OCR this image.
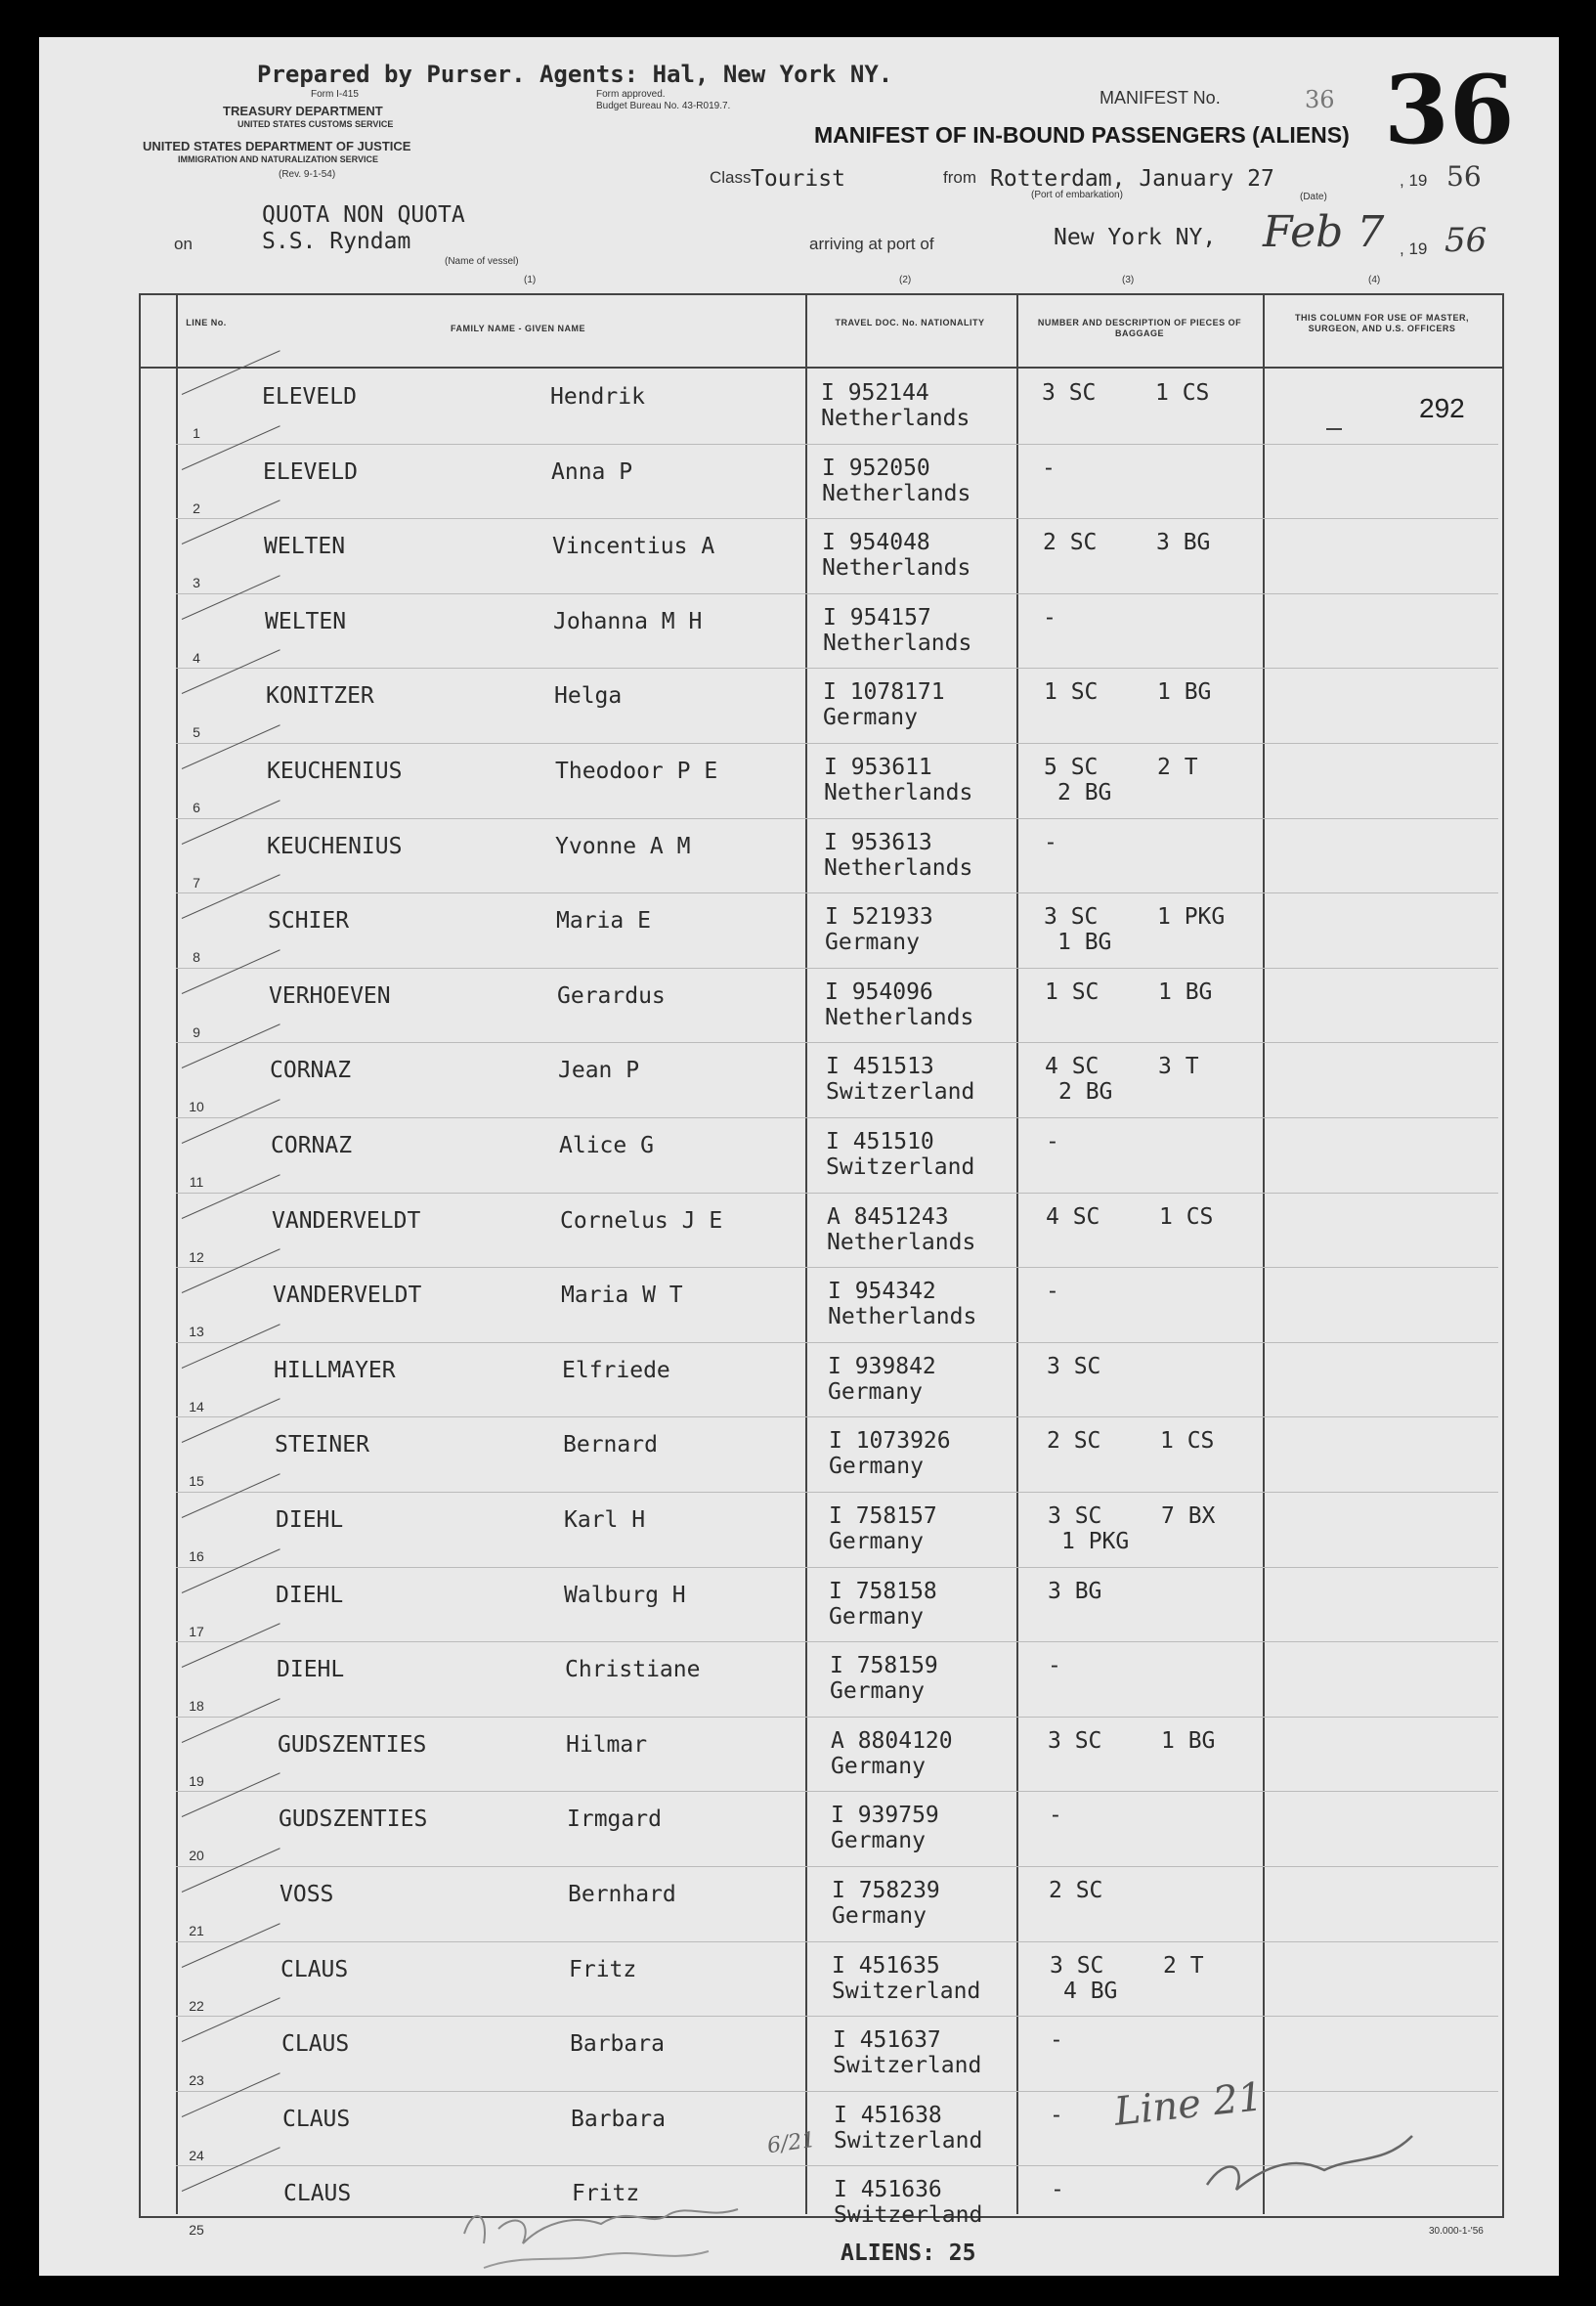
Prepared by Purser. Agents: Hal, New York NY.
Form I-415	Form approved.
Budget Bureau No. 43-R019.7.
TREASURY DEPARTMENT
UNITED STATES CUSTOMS SERVICE
UNITED STATES DEPARTMENT OF JUSTICE
IMMIGRATION AND NATURALIZATION SERVICE
(Rev. 9-1-54)
MANIFEST No.	36 36
MANIFEST OF IN-BOUND PASSENGERS (ALIENS)
Class Tourist	from Rotterdam, January 27	, 19 56
(Port of embarkation)	(Date)
QUOTA NON QUOTA
on	S.S. Ryndam
(Name of vessel)
arriving at port of	New York NY, Feb 7 , 19 56
(1)	(2)	(3)	(4)
LINE No.
FAMILY NAME - GIVEN NAME
TRAVEL DOC. No. NATIONALITY	NUMBER AND DESCRIPTION OF PIECES OF BAGGAGE
THIS COLUMN FOR USE OF MASTER, SURGEON, AND U.S. OFFICERS
1
ELEVELD	Hendrik	I 952144
Netherlands
3 SC	1 CS
2
ELEVELD	Anna P	I 952050
Netherlands
-
3
WELTEN	Vincentius A	I 954048
Netherlands
2 SC	3 BG
4
WELTEN	Johanna M H	I 954157
Netherlands
-
5
KONITZER	Helga	I 1078171
Germany
1 SC	1 BG
6
KEUCHENIUS	Theodoor P E	I 953611
Netherlands
5 SC	2 T
2 BG
7
KEUCHENIUS	Yvonne A M	I 953613
Netherlands
-
8
SCHIER	Maria E	I 521933
Germany
3 SC	1 PKG
1 BG
9
VERHOEVEN	Gerardus	I 954096
Netherlands
1 SC	1 BG
10
CORNAZ	Jean P	I 451513
Switzerland
4 SC	3 T
2 BG
11
CORNAZ	Alice G	I 451510
Switzerland
-
12
VANDERVELDT	Cornelus J E	A 8451243
Netherlands
4 SC	1 CS
13
VANDERVELDT	Maria W T	I 954342
Netherlands
-
14
HILLMAYER	Elfriede	I 939842
Germany
3 SC
15
STEINER	Bernard	I 1073926
Germany
2 SC	1 CS
16
DIEHL	Karl H	I 758157
Germany
3 SC	7 BX
1 PKG
17
DIEHL	Walburg H	I 758158
Germany
3 BG
18
DIEHL	Christiane	I 758159
Germany
-
19
GUDSZENTIES	Hilmar	A 8804120
Germany
3 SC	1 BG
20
GUDSZENTIES	Irmgard	I 939759
Germany
-
21
VOSS	Bernhard	I 758239
Germany
2 SC
22
CLAUS	Fritz	I 451635
Switzerland
3 SC	2 T
4 BG
23
CLAUS	Barbara	I 451637
Switzerland
-
24
CLAUS	Barbara	I 451638
Switzerland
-
25
CLAUS	Fritz	I 451636
Switzerland
-
292
Line 21
6/21
30.000-1-'56
ALIENS: 25
